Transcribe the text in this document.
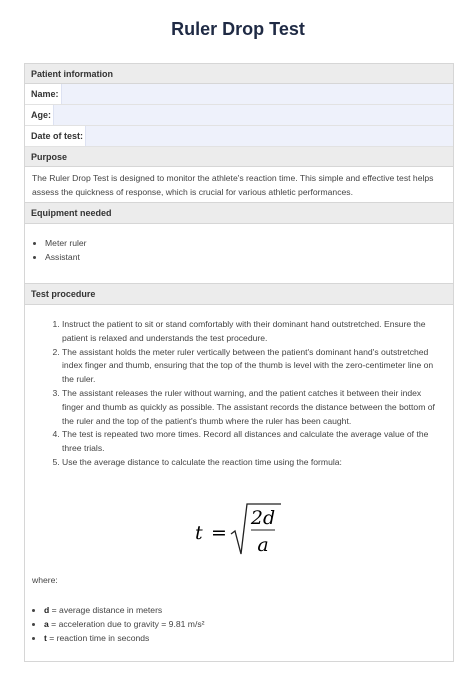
Ruler Drop Test
Patient information
Name:
Age:
Date of test:
Purpose
The Ruler Drop Test is designed to monitor the athlete's reaction time. This simple and effective test helps assess the quickness of response, which is crucial for various athletic performances.
Equipment needed
• Meter ruler
• Assistant
Test procedure
1. Instruct the patient to sit or stand comfortably with their dominant hand outstretched. Ensure the patient is relaxed and understands the test procedure.
2. The assistant holds the meter ruler vertically between the patient's dominant hand's outstretched index finger and thumb, ensuring that the top of the thumb is level with the zero-centimeter line on the ruler.
3. The assistant releases the ruler without warning, and the patient catches it between their index finger and thumb as quickly as possible. The assistant records the distance between the bottom of the ruler and the top of the patient's thumb where the ruler has been caught.
4. The test is repeated two more times. Record all distances and calculate the average value of the three trials.
5. Use the average distance to calculate the reaction time using the formula:
t =
2d
a
where:
• d = average distance in meters
• a = acceleration due to gravity = 9.81 m/s²
• t = reaction time in seconds
